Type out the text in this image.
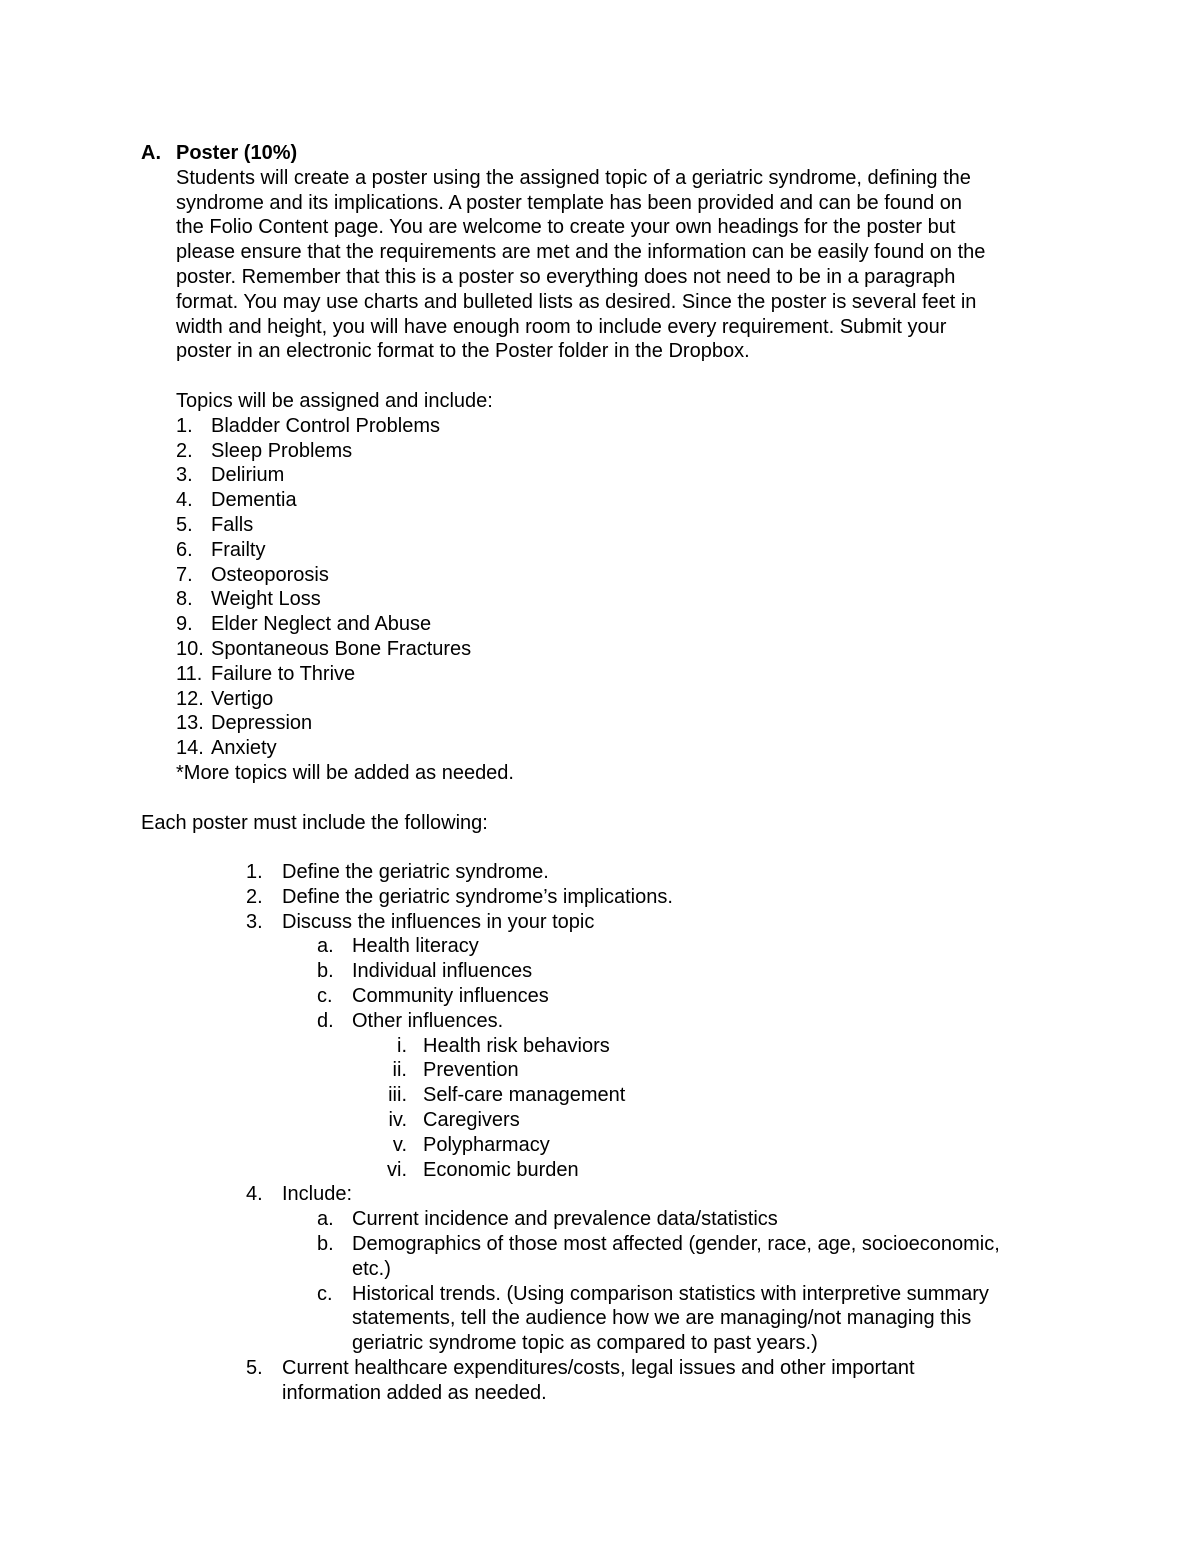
A. Poster (10%)
Students will create a poster using the assigned topic of a geriatric syndrome, defining the
syndrome and its implications. A poster template has been provided and can be found on
the Folio Content page. You are welcome to create your own headings for the poster but
please ensure that the requirements are met and the information can be easily found on the
poster. Remember that this is a poster so everything does not need to be in a paragraph
format. You may use charts and bulleted lists as desired. Since the poster is several feet in
width and height, you will have enough room to include every requirement. Submit your
poster in an electronic format to the Poster folder in the Dropbox.
Topics will be assigned and include:
1. Bladder Control Problems
2. Sleep Problems
3. Delirium
4. Dementia
5. Falls
6. Frailty
7. Osteoporosis
8. Weight Loss
9. Elder Neglect and Abuse
10. Spontaneous Bone Fractures
11. Failure to Thrive
12. Vertigo
13. Depression
14. Anxiety
*More topics will be added as needed.
Each poster must include the following:
1. Define the geriatric syndrome.
2. Define the geriatric syndrome’s implications.
3. Discuss the influences in your topic
a. Health literacy
b. Individual influences
c. Community influences
d. Other influences.
i. Health risk behaviors
ii. Prevention
iii. Self-care management
iv. Caregivers
v. Polypharmacy
vi. Economic burden
4. Include:
a. Current incidence and prevalence data/statistics
b. Demographics of those most affected (gender, race, age, socioeconomic,
etc.)
c. Historical trends. (Using comparison statistics with interpretive summary
statements, tell the audience how we are managing/not managing this
geriatric syndrome topic as compared to past years.)
5. Current healthcare expenditures/costs, legal issues and other important
information added as needed.
